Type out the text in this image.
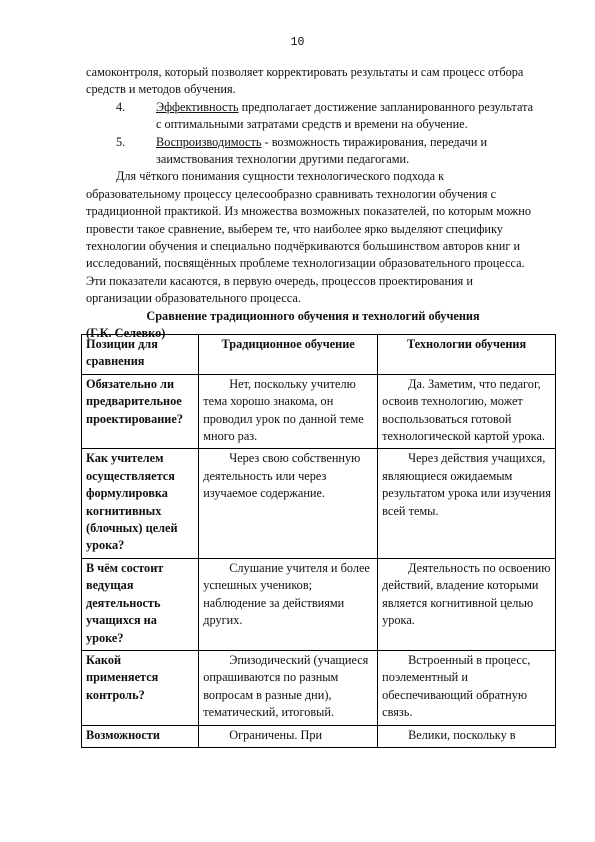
10

самоконтроля, который позволяет корректировать результаты и сам процесс отбора средств и методов обучения.

4.	Эффективность предполагает достижение запланированного результата с оптимальными затратами средств и времени на обучение.

5.	Воспроизводимость - возможность тиражирования, передачи и заимствования технологии другими педагогами.

Для чёткого понимания сущности технологического подхода к образовательному процессу целесообразно сравнивать технологии обучения с традиционной практикой. Из множества возможных показателей, по которым можно провести такое сравнение, выберем те, что наиболее ярко выделяют специфику технологии обучения и специально подчёркиваются большинством авторов книг и исследований, посвящённых проблеме технологизации образовательного процесса. Эти показатели касаются, в первую очередь, процессов проектирования и организации образовательного процесса.

Сравнение традиционного обучения и технологий обучения

(Г.К. Селевко)

Позиции для сравнения	Традиционное обучение	Технологии обучения
Обязательно ли предварительное проектирование?	Нет, поскольку учителю тема хорошо знакома, он проводил урок по данной теме много раз.	Да. Заметим, что педагог, освоив технологию, может воспользоваться готовой технологической картой урока.
Как учителем осуществляется формулировка когнитивных (блочных) целей урока?	Через свою собственную деятельность или через изучаемое содержание.	Через действия учащихся, являющиеся ожидаемым результатом урока или изучения всей темы.
В чём состоит ведущая деятельность учащихся на уроке?	Слушание учителя и более успешных учеников; наблюдение за действиями других.	Деятельность по освоению действий, владение которыми является когнитивной целью урока.
Какой применяется контроль?	Эпизодический (учащиеся опрашиваются по разным вопросам в разные дни), тематический, итоговый.	Встроенный в процесс, поэлементный и обеспечивающий обратную связь.
Возможности	Ограничены. При	Велики, поскольку в
